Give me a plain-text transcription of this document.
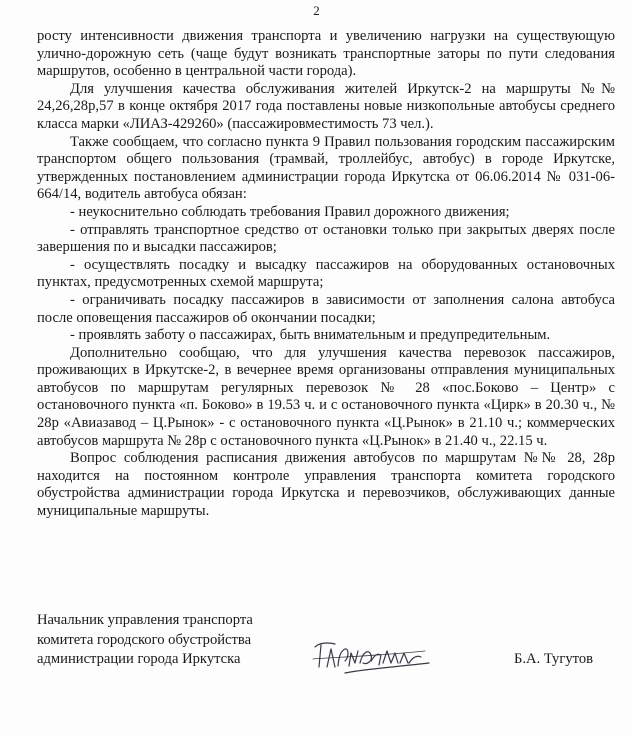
2

росту интенсивности движения транспорта и увеличению нагрузки на существующую улично-дорожную сеть (чаще будут возникать транспортные заторы по пути следования маршрутов, особенно в центральной части города).

Для улучшения качества обслуживания жителей Иркутск-2 на маршруты №№ 24,26,28р,57 в конце октября 2017 года поставлены новые низкопольные автобусы среднего класса марки «ЛИАЗ-429260» (пассажировместимость 73 чел.).

Также сообщаем, что согласно пункта 9 Правил пользования городским пассажирским транспортом общего пользования (трамвай, троллейбус, автобус) в городе Иркутске, утвержденных постановлением администрации города Иркутска от 06.06.2014 № 031-06-664/14, водитель автобуса обязан:

- неукоснительно соблюдать требования Правил дорожного движения;

- отправлять транспортное средство от остановки только при закрытых дверях после завершения по и высадки пассажиров;

- осуществлять посадку и высадку пассажиров на оборудованных остановочных пунктах, предусмотренных схемой маршрута;

- ограничивать посадку пассажиров в зависимости от заполнения салона автобуса после оповещения пассажиров об окончании посадки;

- проявлять заботу о пассажирах, быть внимательным и предупредительным.

Дополнительно сообщаю, что для улучшения качества перевозок пассажиров, проживающих в Иркутске-2, в вечернее время организованы отправления муниципальных автобусов по маршрутам регулярных перевозок № 28 «пос.Боково – Центр» с остановочного пункта «п. Боково» в 19.53 ч. и с остановочного пункта «Цирк» в 20.30 ч., № 28р «Авиазавод – Ц.Рынок» - с остановочного пункта «Ц.Рынок» в 21.10 ч.; коммерческих автобусов маршрута № 28р с остановочного пункта «Ц.Рынок» в 21.40 ч., 22.15 ч.

Вопрос соблюдения расписания движения автобусов по маршрутам №№ 28, 28р находится на постоянном контроле управления транспорта комитета городского обустройства администрации города Иркутска и перевозчиков, обслуживающих данные муниципальные маршруты.

Начальник управления транспорта
комитета городского обустройства
администрации города Иркутска	Б.А. Тугутов
